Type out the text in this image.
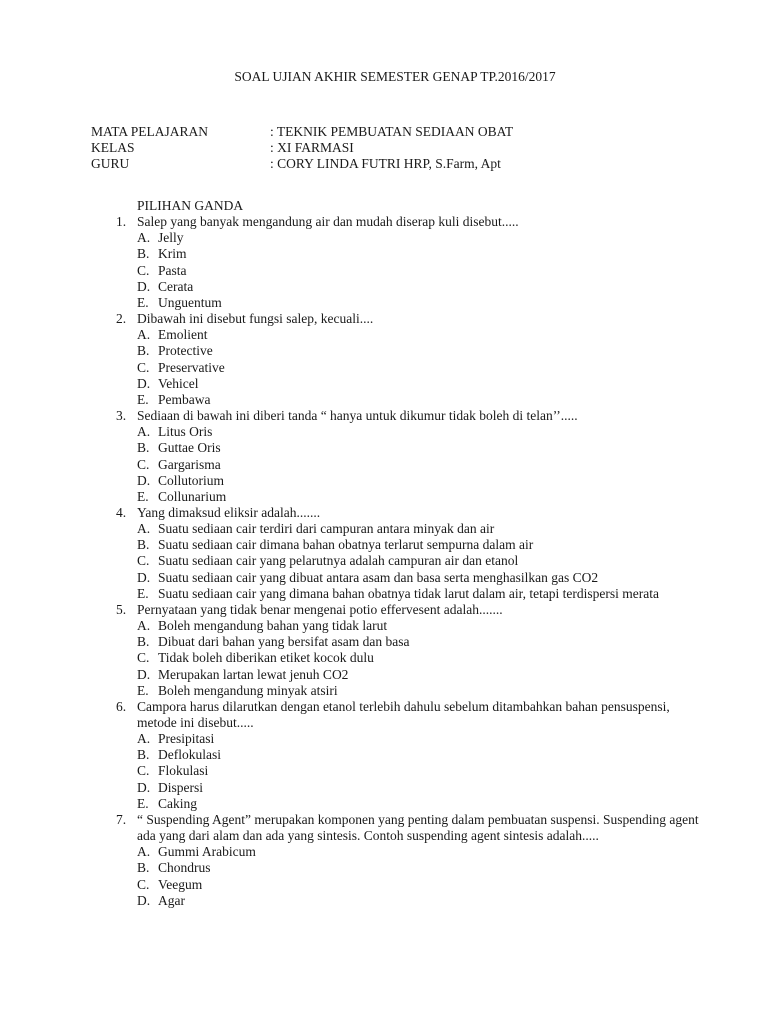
SOAL UJIAN AKHIR SEMESTER GENAP TP.2016/2017
MATA PELAJARAN	: TEKNIK PEMBUATAN SEDIAAN OBAT
KELAS	: XI FARMASI
GURU	: CORY LINDA FUTRI HRP, S.Farm, Apt
PILIHAN GANDA
1. Salep yang banyak mengandung air dan mudah diserap kuli disebut.....
A. Jelly
B. Krim
C. Pasta
D. Cerata
E. Unguentum
2. Dibawah ini disebut fungsi salep, kecuali....
A. Emolient
B. Protective
C. Preservative
D. Vehicel
E. Pembawa
3. Sediaan di bawah ini diberi tanda “ hanya untuk dikumur tidak boleh di telan’’.....
A. Litus Oris
B. Guttae Oris
C. Gargarisma
D. Collutorium
E. Collunarium
4. Yang dimaksud eliksir adalah.......
A. Suatu sediaan cair terdiri dari campuran antara minyak dan air
B. Suatu sediaan cair dimana bahan obatnya terlarut sempurna dalam air
C. Suatu sediaan cair yang pelarutnya adalah campuran air dan etanol
D. Suatu sediaan cair yang dibuat antara asam dan basa serta menghasilkan gas CO2
E. Suatu sediaan cair yang dimana bahan obatnya tidak larut dalam air, tetapi terdispersi merata
5. Pernyataan yang tidak benar mengenai potio effervesent adalah.......
A. Boleh mengandung bahan yang tidak larut
B. Dibuat dari bahan yang bersifat asam dan basa
C. Tidak boleh diberikan etiket kocok dulu
D. Merupakan lartan lewat jenuh CO2
E. Boleh mengandung minyak atsiri
6. Campora harus dilarutkan dengan etanol terlebih dahulu sebelum ditambahkan bahan pensuspensi, metode ini disebut.....
A. Presipitasi
B. Deflokulasi
C. Flokulasi
D. Dispersi
E. Caking
7. “ Suspending Agent” merupakan komponen yang penting dalam pembuatan suspensi. Suspending agent ada yang dari alam dan ada yang sintesis. Contoh suspending agent sintesis adalah.....
A. Gummi Arabicum
B. Chondrus
C. Veegum
D. Agar
